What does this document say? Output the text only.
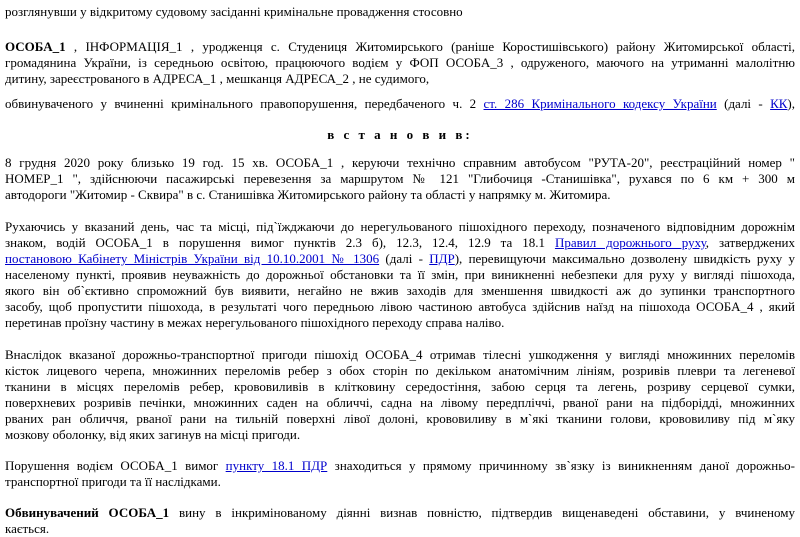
розглянувши у відкритому судовому засіданні кримінальне провадження стосовно
ОСОБА_1 , ІНФОРМАЦІЯ_1 , уродженця с. Студениця Житомирського (раніше Коростишівського) району Житомирської області,
громадянина України, із середньою освітою, працюючого водієм у ФОП ОСОБА_3 , одруженого, маючого на утриманні малолітню
дитину, зареєстрованого в АДРЕСА_1 , мешканця АДРЕСА_2 , не судимого,
обвинуваченого у вчиненні кримінального правопорушення, передбаченого ч. 2 ст. 286 Кримінального кодексу України (далі - КК),
в с т а н о в и в:
8 грудня 2020 року близько 19 год. 15 хв. ОСОБА_1 , керуючи технічно справним автобусом "РУТА-20", реєстраційний номер "
НОМЕР_1 ", здійснюючи пасажирські перевезення за маршрутом № 121 "Глибочиця -Станишівка", рухався по 6 км + 300 м
автодороги "Житомир - Сквира" в с. Станишівка Житомирського району та області у напрямку м. Житомира.
Рухаючись у вказаний день, час та місці, під`їжджаючи до нерегульованого пішохідного переходу, позначеного відповідним дорожнім
знаком, водій ОСОБА_1 в порушення вимог пунктів 2.3 б), 12.3, 12.4, 12.9 та 18.1 Правил дорожнього руху, затверджених
постановою Кабінету Міністрів України від 10.10.2001 № 1306 (далі - ПДР), перевищуючи максимально дозволену швидкість руху у
населеному пункті, проявив неуважність до дорожньої обстановки та її змін, при виникненні небезпеки для руху у вигляді пішохода,
якого він об`єктивно спроможний був виявити, негайно не вжив заходів для зменшення швидкості аж до зупинки транспортного
засобу, щоб пропустити пішохода, в результаті чого передньою лівою частиною автобуса здійснив наїзд на пішохода ОСОБА_4 , який
перетинав проїзну частину в межах нерегульованого пішохідного переходу справа наліво.
Внаслідок вказаної дорожньо-транспортної пригоди пішохід ОСОБА_4 отримав тілесні ушкодження у вигляді множинних переломів
кісток лицевого черепа, множинних переломів ребер з обох сторін по декільком анатомічним лініям, розривів плеври та легеневої
тканини в місцях переломів ребер, крововиливів в клітковину середостіння, забою серця та легень, розриву серцевої сумки,
поверхневих розривів печінки, множинних саден на обличчі, садна на лівому передпліччі, рваної рани на підборідді, множинних
рваних ран обличчя, рваної рани на тильній поверхні лівої долоні, крововиливу в м`які тканини голови, крововиливу під м`яку
мозкову оболонку, від яких загинув на місці пригоди.
Порушення водієм ОСОБА_1 вимог пункту 18.1 ПДР знаходиться у прямому причинному зв`язку із виникненням даної дорожньо-
транспортної пригоди та її наслідками.
Обвинувачений ОСОБА_1 вину в інкримінованому діянні визнав повністю, підтвердив вищенаведені обставини, у вчиненому
кається.
